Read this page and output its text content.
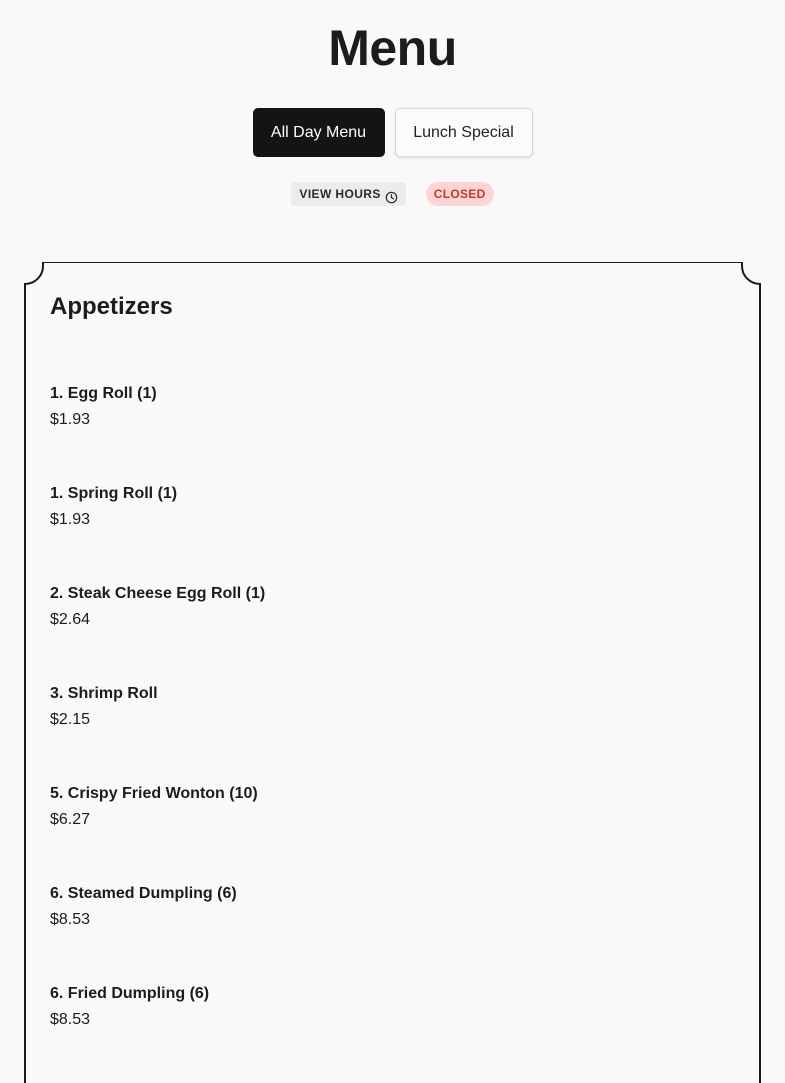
Menu
All Day Menu	Lunch Special
VIEW HOURS	CLOSED
Appetizers
1. Egg Roll (1)
$1.93
1. Spring Roll (1)
$1.93
2. Steak Cheese Egg Roll (1)
$2.64
3. Shrimp Roll
$2.15
5. Crispy Fried Wonton (10)
$6.27
6. Steamed Dumpling (6)
$8.53
6. Fried Dumpling (6)
$8.53
